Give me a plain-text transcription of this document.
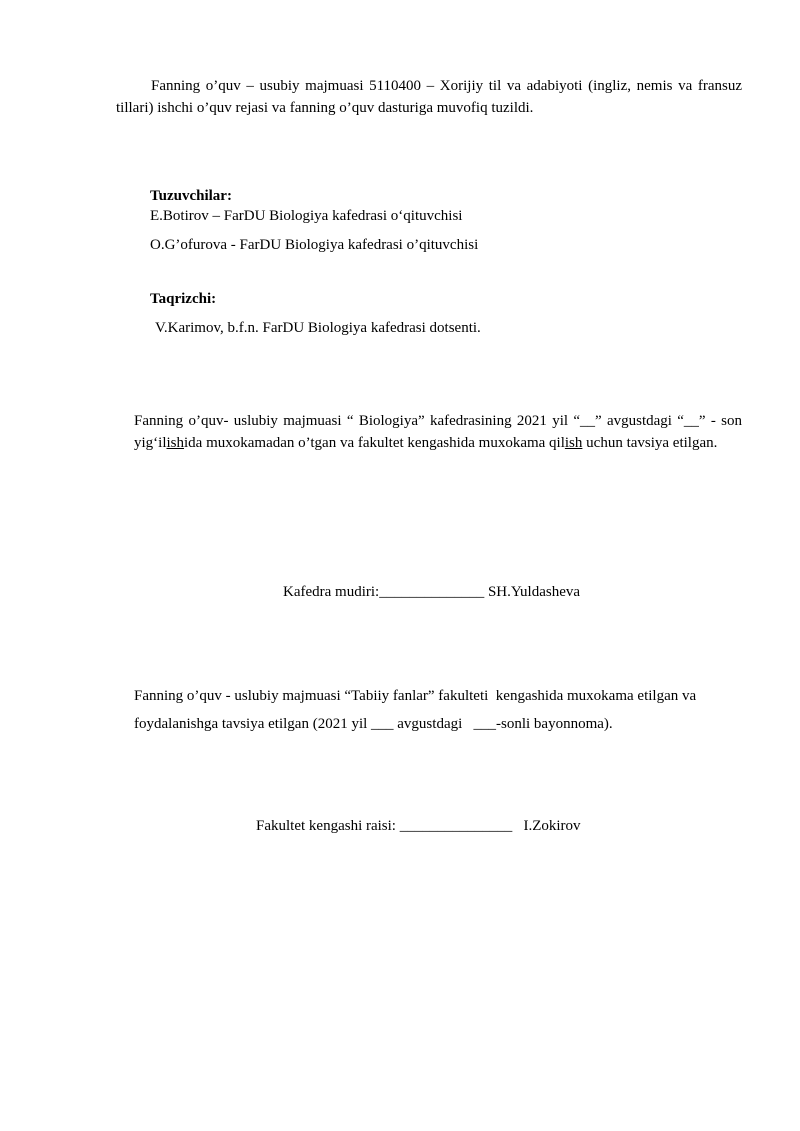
Fanning o’quv – usubiy majmuasi 5110400 – Xorijiy til va adabiyoti (ingliz, nemis va fransuz tillari) ishchi o’quv rejasi va fanning o’quv dasturiga muvofiq tuzildi.
Tuzuvchilar:
E.Botirov – FarDU Biologiya kafedrasi o‘qituvchisi
O.G’ofurova - FarDU Biologiya kafedrasi o’qituvchisi
Taqrizchi:
V.Karimov, b.f.n. FarDU Biologiya kafedrasi dotsenti.
Fanning o’quv- uslubiy majmuasi “ Biologiya” kafedrasining 2021 yil “__” avgustdagi “__” - son yig‘ilishida muxokamadan o’tgan va fakultet kengashida muxokama qilish uchun tavsiya etilgan.
Kafedra mudiri:______________ SH.Yuldasheva
Fanning o’quv - uslubiy majmuasi “Tabiiy fanlar” fakulteti  kengashida muxokama etilgan va
foydalanishga tavsiya etilgan (2021 yil ___ avgustdagi   ___-sonli bayonnoma).
Fakultet kengashi raisi: _______________   I.Zokirov
